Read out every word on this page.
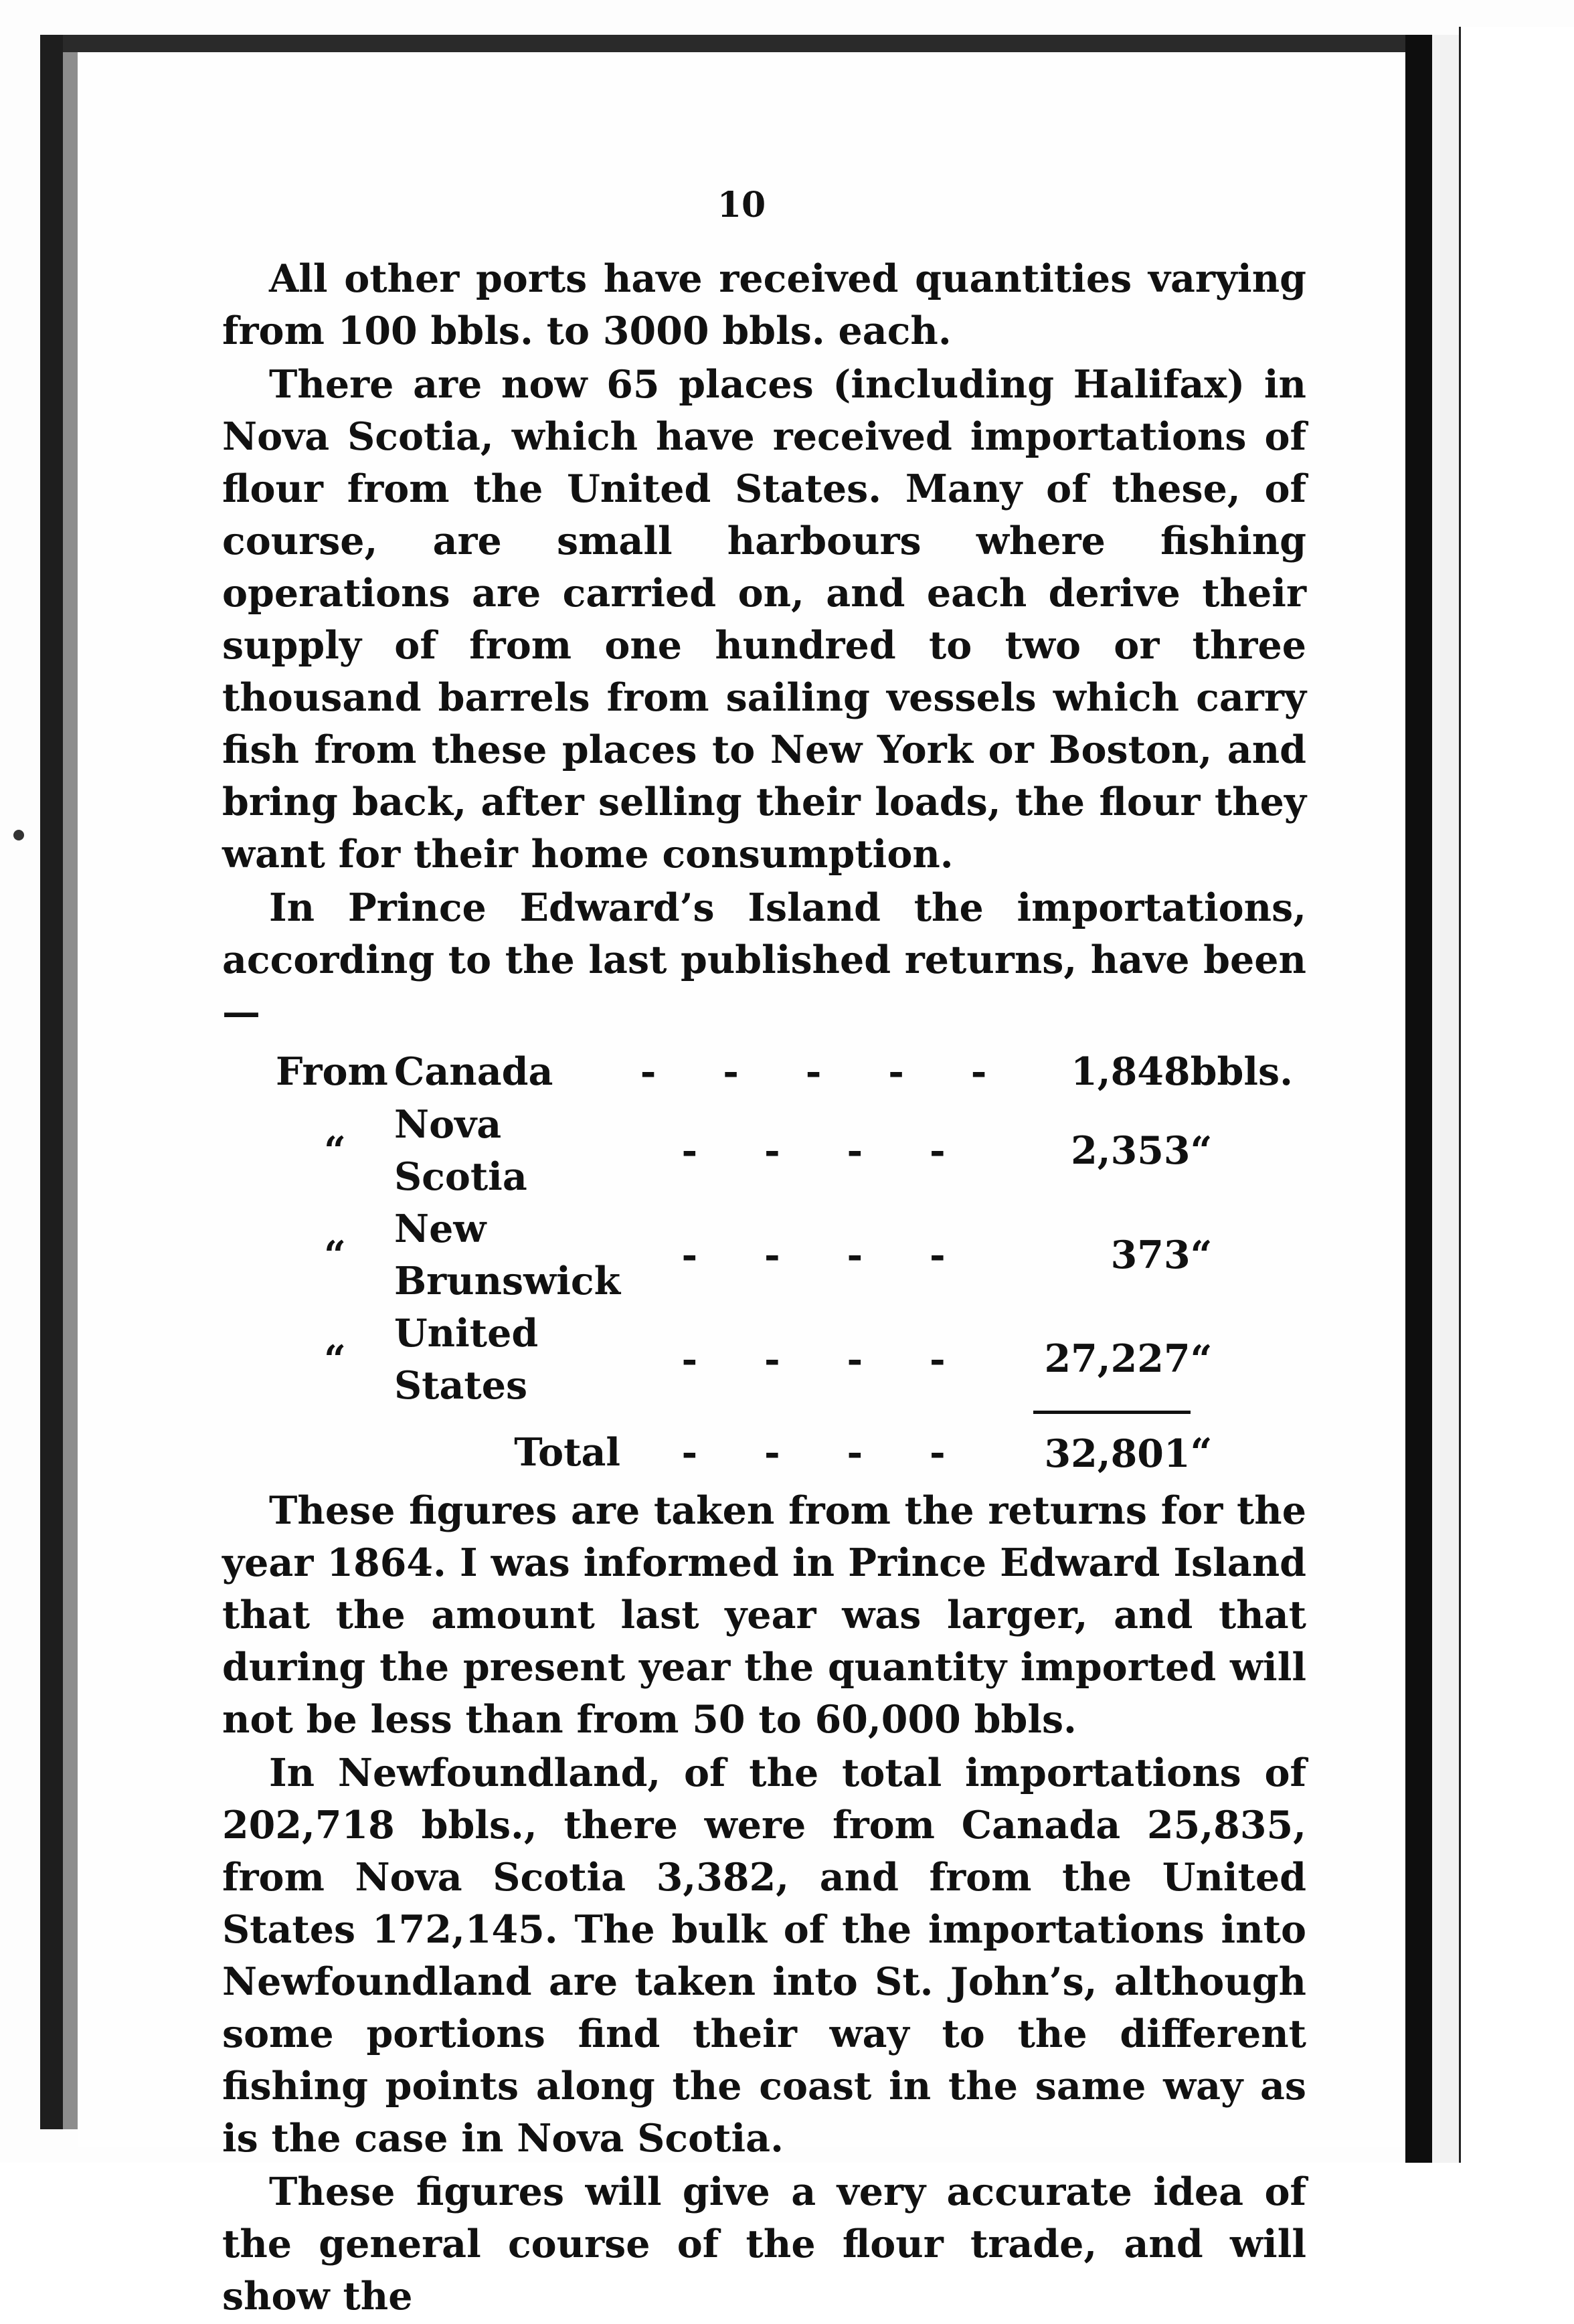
10

All other ports have received quantities varying from 100 bbls. to 3000 bbls. each.

There are now 65 places (including Halifax) in Nova Scotia, which have received importations of flour from the United States. Many of these, of course, are small harbours where fishing operations are carried on, and each derive their supply of from one hundred to two or three thousand barrels from sailing vessels which carry fish from these places to New York or Boston, and bring back, after selling their loads, the flour they want for their home consumption.

In Prince Edward’s Island the importations, according to the last published returns, have been—

From	Canada	- - - - -	1,848	bbls.
“	Nova Scotia	- - - -	2,353	“
“	New Brunswick	- - - -	373	“
“	United States	- - - -	27,227	“
	Total	- - - -	32,801	“

These figures are taken from the returns for the year 1864. I was informed in Prince Edward Island that the amount last year was larger, and that during the present year the quantity imported will not be less than from 50 to 60,000 bbls.

In Newfoundland, of the total importations of 202,718 bbls., there were from Canada 25,835, from Nova Scotia 3,382, and from the United States 172,145. The bulk of the importations into Newfoundland are taken into St. John’s, although some portions find their way to the different fishing points along the coast in the same way as is the case in Nova Scotia.

These figures will give a very accurate idea of the general course of the flour trade, and will show the
